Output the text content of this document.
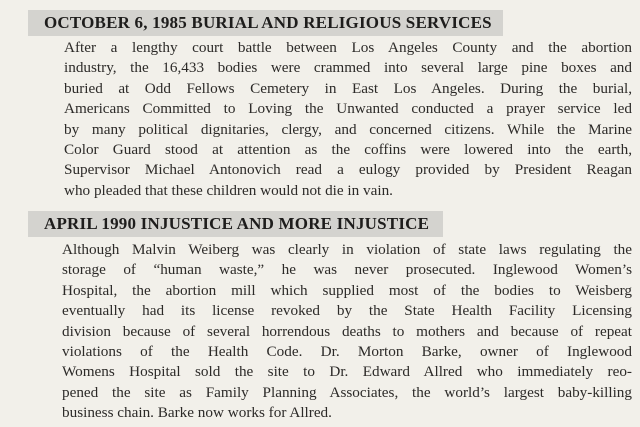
OCTOBER 6, 1985 BURIAL AND RELIGIOUS SERVICES
After a lengthy court battle between Los Angeles County and the abortion
industry, the 16,433 bodies were crammed into several large pine boxes and
buried at Odd Fellows Cemetery in East Los Angeles. During the burial,
Americans Committed to Loving the Unwanted conducted a prayer service led
by many political dignitaries, clergy, and concerned citizens. While the Marine
Color Guard stood at attention as the coffins were lowered into the earth,
Supervisor Michael Antonovich read a eulogy provided by President Reagan
who pleaded that these children would not die in vain.
APRIL 1990 INJUSTICE AND MORE INJUSTICE
Although Malvin Weiberg was clearly in violation of state laws regulating the
storage of “human waste,” he was never prosecuted. Inglewood Women’s
Hospital, the abortion mill which supplied most of the bodies to Weisberg
eventually had its license revoked by the State Health Facility Licensing
division because of several horrendous deaths to mothers and because of repeat
violations of the Health Code. Dr. Morton Barke, owner of Inglewood
Womens Hospital sold the site to Dr. Edward Allred who immediately reo-
pened the site as Family Planning Associates, the world’s largest baby-killing
business chain. Barke now works for Allred.
